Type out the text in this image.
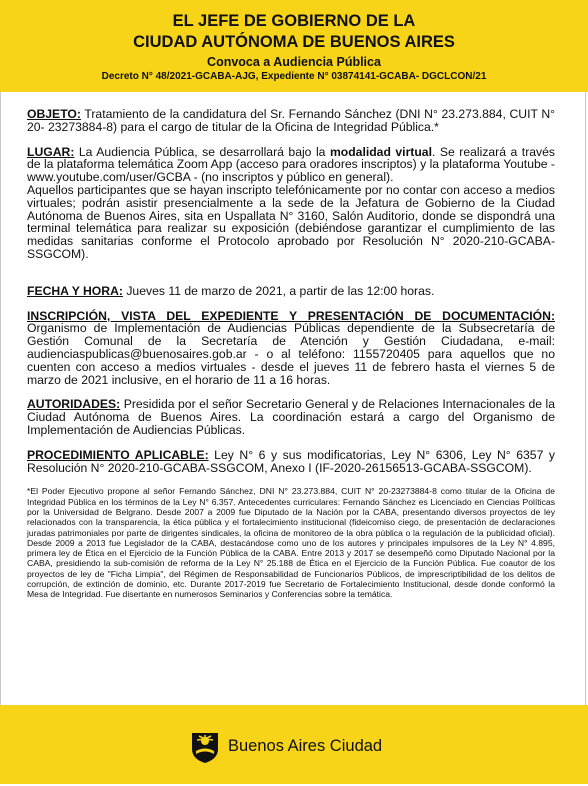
EL JEFE DE GOBIERNO DE LA
CIUDAD AUTÓNOMA DE BUENOS AIRES
Convoca a Audiencia Pública
Decreto N° 48/2021-GCABA-AJG, Expediente N° 03874141-GCABA- DGCLCON/21

OBJETO: Tratamiento de la candidatura del Sr. Fernando Sánchez (DNI N° 23.273.884, CUIT N° 20- 23273884-8) para el cargo de titular de la Oficina de Integridad Pública.*

LUGAR: La Audiencia Pública, se desarrollará bajo la modalidad virtual. Se realizará a través de la plataforma telemática Zoom App (acceso para oradores inscriptos) y la plataforma Youtube - www.youtube.com/user/GCBA - (no inscriptos y público en general).

Aquellos participantes que se hayan inscripto telefónicamente por no contar con acceso a medios virtuales; podrán asistir presencialmente a la sede de la Jefatura de Gobierno de la Ciudad Autónoma de Buenos Aires, sita en Uspallata N° 3160, Salón Auditorio, donde se dispondrá una terminal telemática para realizar su exposición (debiéndose garantizar el cumplimiento de las medidas sanitarias conforme el Protocolo aprobado por Resolución N° 2020-210-GCABA-SSGCOM).

FECHA Y HORA: Jueves 11 de marzo de 2021, a partir de las 12:00 horas.

INSCRIPCIÓN, VISTA DEL EXPEDIENTE Y PRESENTACIÓN DE DOCUMENTACIÓN: Organismo de Implementación de Audiencias Públicas dependiente de la Subsecretaría de Gestión Comunal de la Secretaría de Atención y Gestión Ciudadana, e-mail: audienciaspublicas@buenosaires.gob.ar - o al teléfono: 1155720405 para aquellos que no cuenten con acceso a medios virtuales - desde el jueves 11 de febrero hasta el viernes 5 de marzo de 2021 inclusive, en el horario de 11 a 16 horas.

AUTORIDADES: Presidida por el señor Secretario General y de Relaciones Internacionales de la Ciudad Autónoma de Buenos Aires. La coordinación estará a cargo del Organismo de Implementación de Audiencias Públicas.

PROCEDIMIENTO APLICABLE: Ley N° 6 y sus modificatorias, Ley N° 6306, Ley N° 6357 y Resolución N° 2020-210-GCABA-SSGCOM, Anexo I (IF-2020-26156513-GCABA-SSGCOM).

*El Poder Ejecutivo propone al señor Fernando Sánchez, DNI N° 23.273.884, CUIT N° 20-23273884-8 como titular de la Oficina de Integridad Pública en los términos de la Ley N° 6.357. Antecedentes curriculares: Fernando Sánchez es Licenciado en Ciencias Políticas por la Universidad de Belgrano. Desde 2007 a 2009 fue Diputado de la Nación por la CABA, presentando diversos proyectos de ley relacionados con la transparencia, la ética pública y el fortalecimiento institucional (fideicomiso ciego, de presentación de declaraciones juradas patrimoniales por parte de dirigentes sindicales, la oficina de monitoreo de la obra pública o la regulación de la publicidad oficial). Desde 2009 a 2013 fue Legislador de la CABA, destacándose como uno de los autores y principales impulsores de la Ley N° 4.895, primera ley de Ética en el Ejercicio de la Función Pública de la CABA. Entre 2013 y 2017 se desempeñó como Diputado Nacional por la CABA, presidiendo la sub-comisión de reforma de la Ley N° 25.188 de Ética en el Ejercicio de la Función Pública. Fue coautor de los proyectos de ley de "Ficha Limpia", del Régimen de Responsabilidad de Funcionarios Públicos, de imprescriptibilidad de los delitos de corrupción, de extinción de dominio, etc. Durante 2017-2019 fue Secretario de Fortalecimiento Institucional, desde donde conformó la Mesa de Integridad. Fue disertante en numerosos Seminarios y Conferencias sobre la temática.

Buenos Aires Ciudad
